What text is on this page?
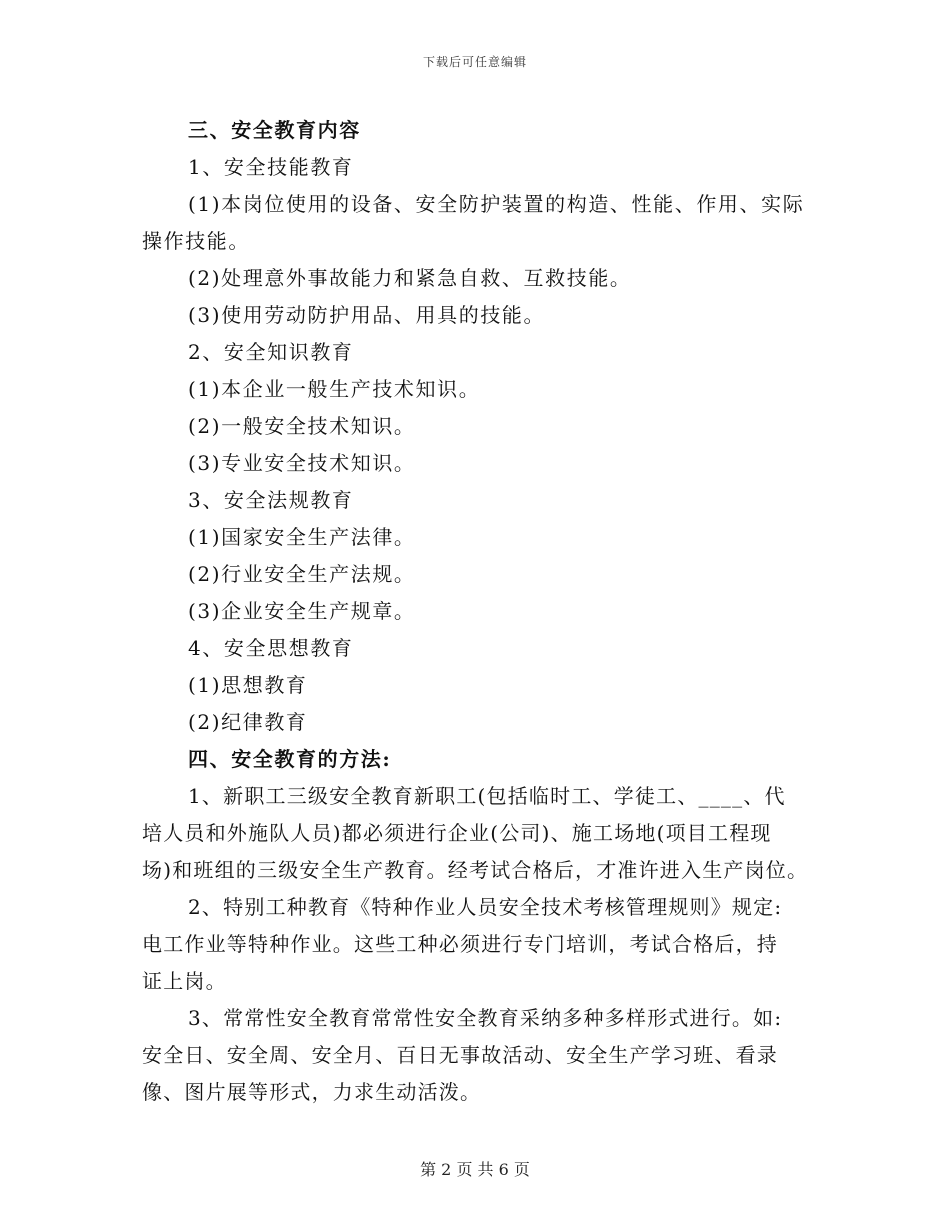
下载后可任意编辑
三、安全教育内容
1、安全技能教育
(1)本岗位使用的设备、安全防护装置的构造、性能、作用、实际
操作技能。
(2)处理意外事故能力和紧急自救、互救技能。
(3)使用劳动防护用品、用具的技能。
2、安全知识教育
(1)本企业一般生产技术知识。
(2)一般安全技术知识。
(3)专业安全技术知识。
3、安全法规教育
(1)国家安全生产法律。
(2)行业安全生产法规。
(3)企业安全生产规章。
4、安全思想教育
(1)思想教育
(2)纪律教育
四、安全教育的方法:
1、新职工三级安全教育新职工(包括临时工、学徒工、____、代
培人员和外施队人员)都必须进行企业(公司)、施工场地(项目工程现
场)和班组的三级安全生产教育。经考试合格后，才准许进入生产岗位。
2、特别工种教育《特种作业人员安全技术考核管理规则》规定:
电工作业等特种作业。这些工种必须进行专门培训，考试合格后，持
证上岗。
3、常常性安全教育常常性安全教育采纳多种多样形式进行。如:
安全日、安全周、安全月、百日无事故活动、安全生产学习班、看录
像、图片展等形式，力求生动活泼。
第 2 页 共 6 页
